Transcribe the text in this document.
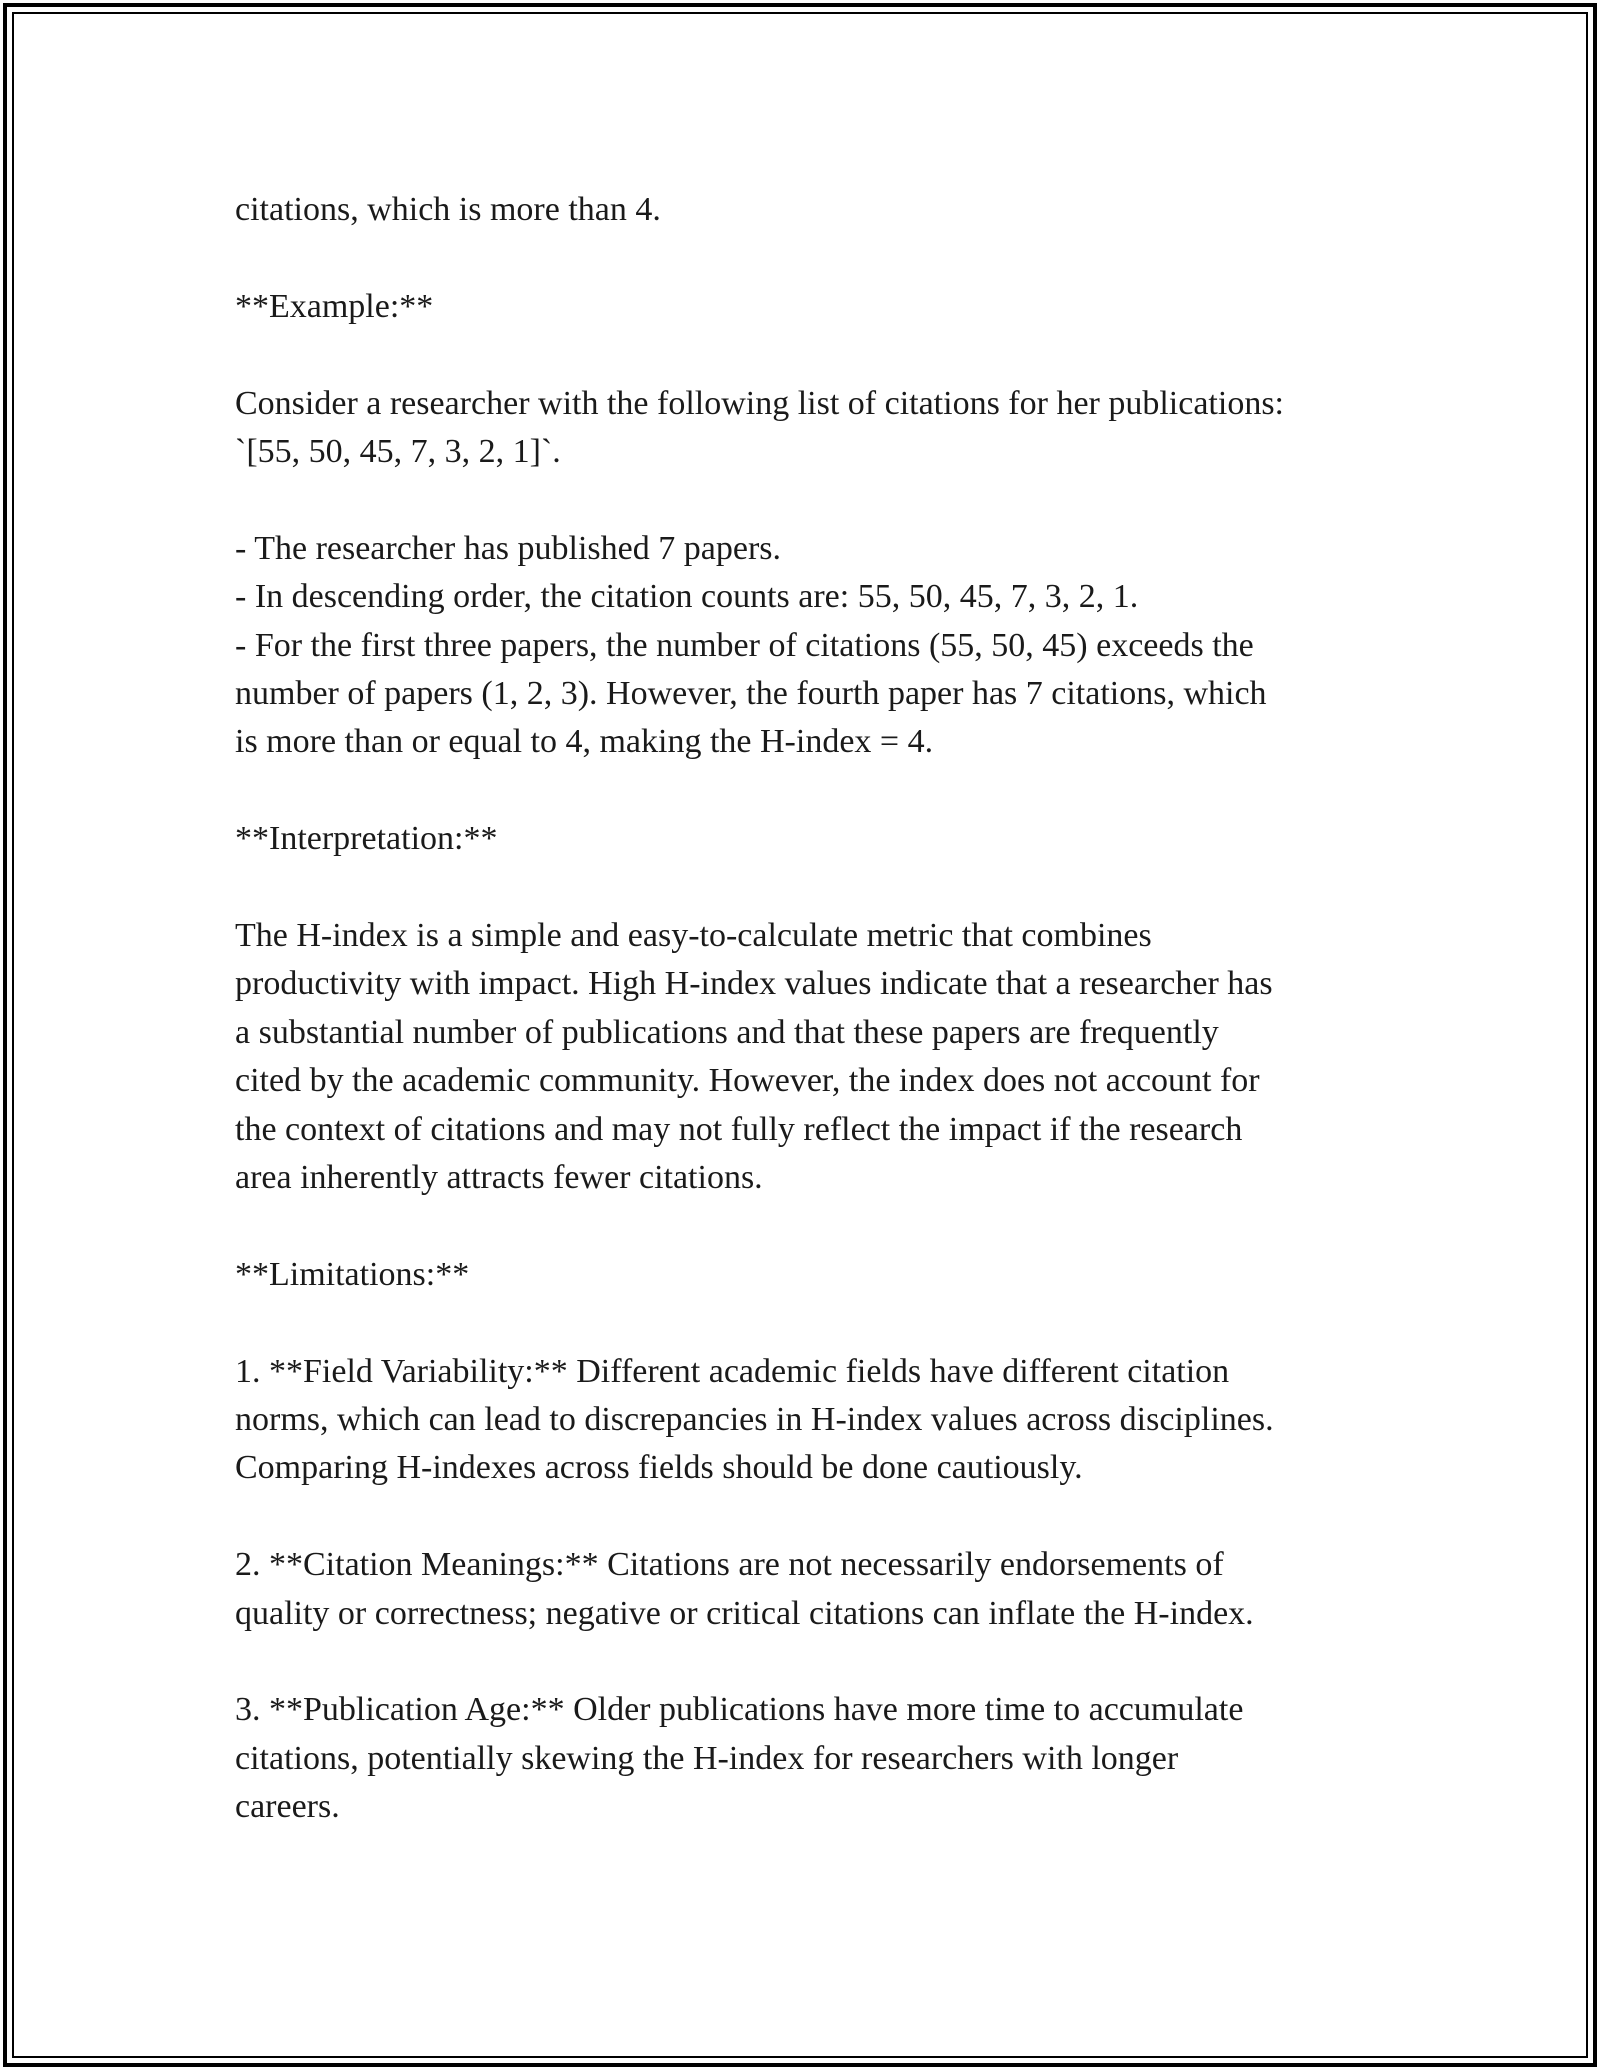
citations, which is more than 4.

**Example:**

Consider a researcher with the following list of citations for her publications:
`[55, 50, 45, 7, 3, 2, 1]`.

- The researcher has published 7 papers.
- In descending order, the citation counts are: 55, 50, 45, 7, 3, 2, 1.
- For the first three papers, the number of citations (55, 50, 45) exceeds the
number of papers (1, 2, 3). However, the fourth paper has 7 citations, which
is more than or equal to 4, making the H-index = 4.

**Interpretation:**

The H-index is a simple and easy-to-calculate metric that combines
productivity with impact. High H-index values indicate that a researcher has
a substantial number of publications and that these papers are frequently
cited by the academic community. However, the index does not account for
the context of citations and may not fully reflect the impact if the research
area inherently attracts fewer citations.

**Limitations:**

1. **Field Variability:** Different academic fields have different citation
norms, which can lead to discrepancies in H-index values across disciplines.
Comparing H-indexes across fields should be done cautiously.

2. **Citation Meanings:** Citations are not necessarily endorsements of
quality or correctness; negative or critical citations can inflate the H-index.

3. **Publication Age:** Older publications have more time to accumulate
citations, potentially skewing the H-index for researchers with longer
careers.
